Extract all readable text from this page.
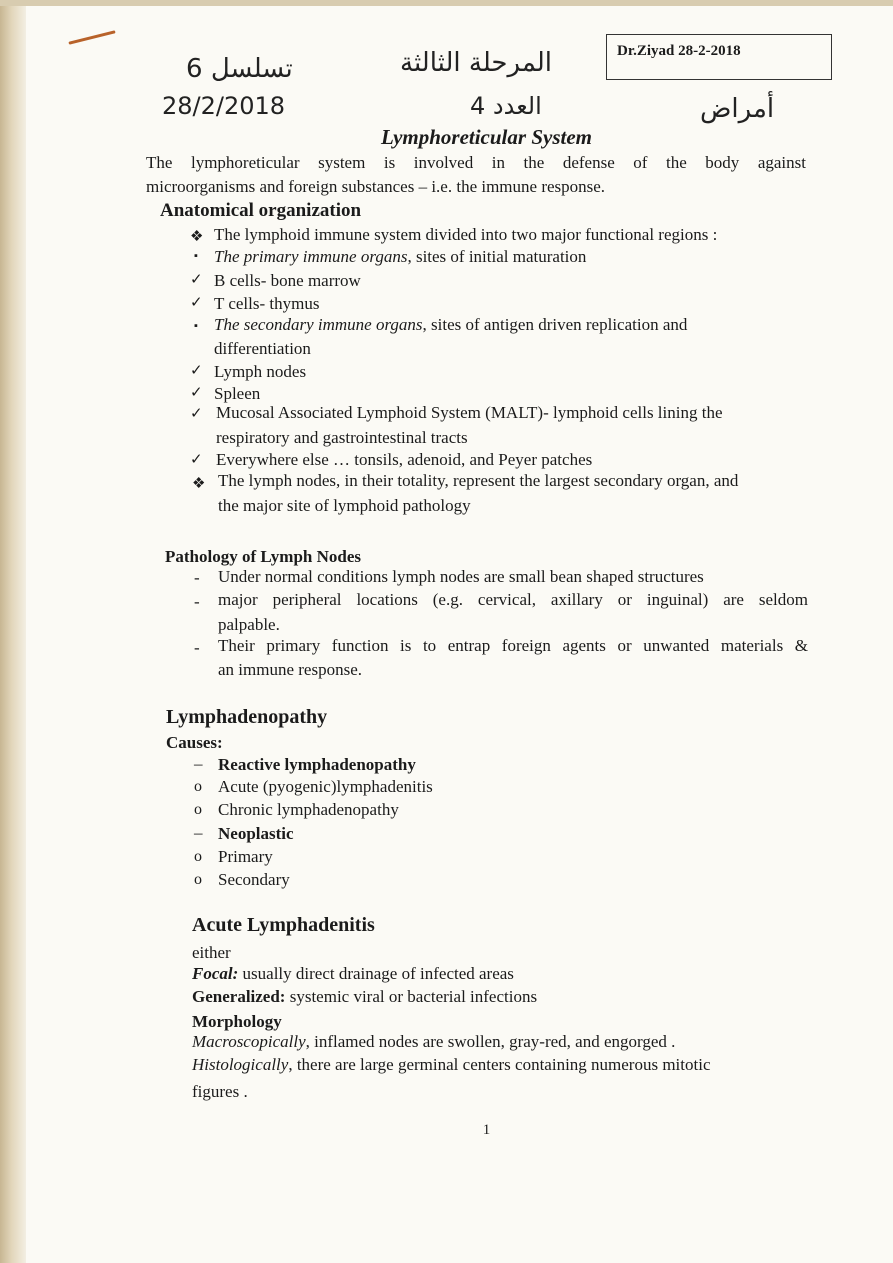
6 تسلسل
28/2/2018
المرحلة الثالثة
العدد 4	أمراض
Dr.Ziyad 28-2-2018
Lymphoreticular System
The lymphoreticular system is involved in the defense of the body against
microorganisms and foreign substances – i.e. the immune response.
Anatomical organization
❖ The lymphoid immune system divided into two major functional regions :
▪ The primary immune organs, sites of initial maturation
✓ B cells- bone marrow
✓ T cells- thymus
▪ The secondary immune organs, sites of antigen driven replication and
differentiation
✓ Lymph nodes
✓ Spleen
✓ Mucosal Associated Lymphoid System (MALT)- lymphoid cells lining the
respiratory and gastrointestinal tracts
✓ Everywhere else … tonsils, adenoid, and Peyer patches
❖ The lymph nodes, in their totality, represent the largest secondary organ, and
the major site of lymphoid pathology
Pathology of Lymph Nodes
- Under normal conditions lymph nodes are small bean shaped structures
- major peripheral locations (e.g. cervical, axillary or inguinal) are seldom
palpable.
- Their primary function is to entrap foreign agents or unwanted materials &
an immune response.
Lymphadenopathy
Causes:
– Reactive lymphadenopathy
o Acute (pyogenic)lymphadenitis
o Chronic lymphadenopathy
– Neoplastic
o Primary
o Secondary
Acute Lymphadenitis
either
Focal: usually direct drainage of infected areas
Generalized: systemic viral or bacterial infections
Morphology
Macroscopically, inflamed nodes are swollen, gray-red, and engorged .
Histologically, there are large germinal centers containing numerous mitotic
figures .
1
